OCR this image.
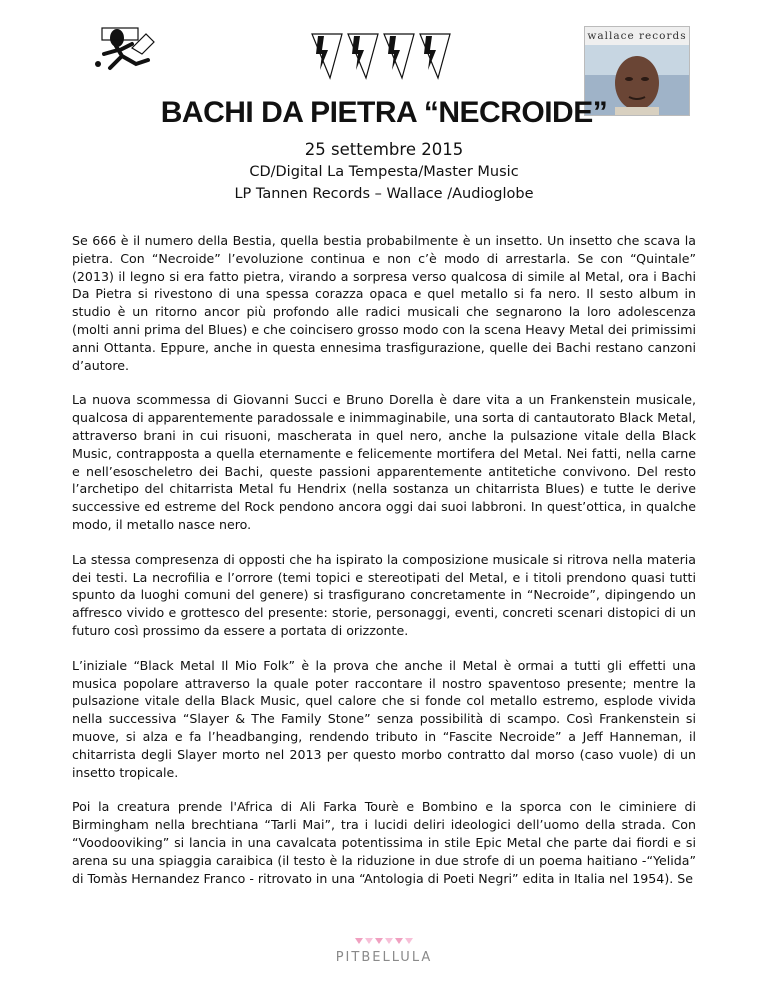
wallace records
BACHI DA PIETRA “NECROIDE”
25 settembre 2015
CD/Digital La Tempesta/Master Music
LP Tannen Records – Wallace /Audioglobe

Se 666 è il numero della Bestia, quella bestia probabilmente è un insetto. Un insetto che scava la pietra. Con “Necroide” l’evoluzione continua e non c’è modo di arrestarla. Se con “Quintale” (2013) il legno si era fatto pietra, virando a sorpresa verso qualcosa di simile al Metal, ora i Bachi Da Pietra si rivestono di una spessa corazza opaca e quel metallo si fa nero. Il sesto album in studio è un ritorno ancor più profondo alle radici musicali che segnarono la loro adolescenza (molti anni prima del Blues) e che coincisero grosso modo con la scena Heavy Metal dei primissimi anni Ottanta. Eppure, anche in questa ennesima trasfigurazione, quelle dei Bachi restano canzoni d’autore.

La nuova scommessa di Giovanni Succi e Bruno Dorella è dare vita a un Frankenstein musicale, qualcosa di apparentemente paradossale e inimmaginabile, una sorta di cantautorato Black Metal, attraverso brani in cui risuoni, mascherata in quel nero, anche la pulsazione vitale della Black Music, contrapposta a quella eternamente e felicemente mortifera del Metal. Nei fatti, nella carne e nell’esoscheletro dei Bachi, queste passioni apparentemente antitetiche convivono. Del resto l’archetipo del chitarrista Metal fu Hendrix (nella sostanza un chitarrista Blues) e tutte le derive successive ed estreme del Rock pendono ancora oggi dai suoi labbroni. In quest’ottica, in qualche modo, il metallo nasce nero.

La stessa compresenza di opposti che ha ispirato la composizione musicale si ritrova nella materia dei testi. La necrofilia e l’orrore (temi topici e stereotipati del Metal, e i titoli prendono quasi tutti spunto da luoghi comuni del genere) si trasfigurano concretamente in “Necroide”, dipingendo un affresco vivido e grottesco del presente: storie, personaggi, eventi, concreti scenari distopici di un futuro così prossimo da essere a portata di orizzonte.

L’iniziale “Black Metal Il Mio Folk” è la prova che anche il Metal è ormai a tutti gli effetti una musica popolare attraverso la quale poter raccontare il nostro spaventoso presente; mentre la pulsazione vitale della Black Music, quel calore che si fonde col metallo estremo, esplode vivida nella successiva “Slayer & The Family Stone” senza possibilità di scampo. Così Frankenstein si muove, si alza e fa l’headbanging, rendendo tributo in “Fascite Necroide” a Jeff Hanneman, il chitarrista degli Slayer morto nel 2013 per questo morbo contratto dal morso (caso vuole) di un insetto tropicale.

Poi la creatura prende l'Africa di Ali Farka Tourè e Bombino e la sporca con le ciminiere di Birmingham nella brechtiana “Tarli Mai”, tra i lucidi deliri ideologici dell’uomo della strada. Con “Voodooviking” si lancia in una cavalcata potentissima in stile Epic Metal che parte dai fiordi e si arena su una spiaggia caraibica (il testo è la riduzione in due strofe di un poema haitiano -“Yelida” di Tomàs Hernandez Franco - ritrovato in una “Antologia di Poeti Negri” edita in Italia nel 1954). Se

PITBELLULA
